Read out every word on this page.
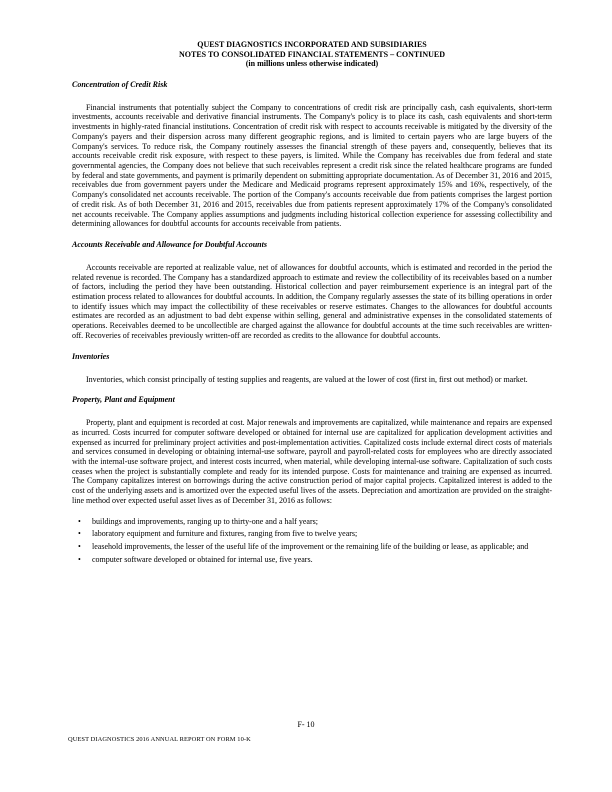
QUEST DIAGNOSTICS INCORPORATED AND SUBSIDIARIES
NOTES TO CONSOLIDATED FINANCIAL STATEMENTS – CONTINUED
(in millions unless otherwise indicated)

Concentration of Credit Risk

Financial instruments that potentially subject the Company to concentrations of credit risk are principally cash, cash equivalents, short-term investments, accounts receivable and derivative financial instruments. The Company's policy is to place its cash, cash equivalents and short-term investments in highly-rated financial institutions. Concentration of credit risk with respect to accounts receivable is mitigated by the diversity of the Company's payers and their dispersion across many different geographic regions, and is limited to certain payers who are large buyers of the Company's services. To reduce risk, the Company routinely assesses the financial strength of these payers and, consequently, believes that its accounts receivable credit risk exposure, with respect to these payers, is limited. While the Company has receivables due from federal and state governmental agencies, the Company does not believe that such receivables represent a credit risk since the related healthcare programs are funded by federal and state governments, and payment is primarily dependent on submitting appropriate documentation. As of December 31, 2016 and 2015, receivables due from government payers under the Medicare and Medicaid programs represent approximately 15% and 16%, respectively, of the Company's consolidated net accounts receivable. The portion of the Company's accounts receivable due from patients comprises the largest portion of credit risk. As of both December 31, 2016 and 2015, receivables due from patients represent approximately 17% of the Company's consolidated net accounts receivable. The Company applies assumptions and judgments including historical collection experience for assessing collectibility and determining allowances for doubtful accounts for accounts receivable from patients.

Accounts Receivable and Allowance for Doubtful Accounts

Accounts receivable are reported at realizable value, net of allowances for doubtful accounts, which is estimated and recorded in the period the related revenue is recorded. The Company has a standardized approach to estimate and review the collectibility of its receivables based on a number of factors, including the period they have been outstanding. Historical collection and payer reimbursement experience is an integral part of the estimation process related to allowances for doubtful accounts. In addition, the Company regularly assesses the state of its billing operations in order to identify issues which may impact the collectibility of these receivables or reserve estimates. Changes to the allowances for doubtful accounts estimates are recorded as an adjustment to bad debt expense within selling, general and administrative expenses in the consolidated statements of operations. Receivables deemed to be uncollectible are charged against the allowance for doubtful accounts at the time such receivables are written-off. Recoveries of receivables previously written-off are recorded as credits to the allowance for doubtful accounts.

Inventories

Inventories, which consist principally of testing supplies and reagents, are valued at the lower of cost (first in, first out method) or market.

Property, Plant and Equipment

Property, plant and equipment is recorded at cost. Major renewals and improvements are capitalized, while maintenance and repairs are expensed as incurred. Costs incurred for computer software developed or obtained for internal use are capitalized for application development activities and expensed as incurred for preliminary project activities and post-implementation activities. Capitalized costs include external direct costs of materials and services consumed in developing or obtaining internal-use software, payroll and payroll-related costs for employees who are directly associated with the internal-use software project, and interest costs incurred, when material, while developing internal-use software. Capitalization of such costs ceases when the project is substantially complete and ready for its intended purpose. Costs for maintenance and training are expensed as incurred. The Company capitalizes interest on borrowings during the active construction period of major capital projects. Capitalized interest is added to the cost of the underlying assets and is amortized over the expected useful lives of the assets. Depreciation and amortization are provided on the straight-line method over expected useful asset lives as of December 31, 2016 as follows:

• buildings and improvements, ranging up to thirty-one and a half years;
• laboratory equipment and furniture and fixtures, ranging from five to twelve years;
• leasehold improvements, the lesser of the useful life of the improvement or the remaining life of the building or lease, as applicable; and
• computer software developed or obtained for internal use, five years.
F- 10
QUEST DIAGNOSTICS 2016 ANNUAL REPORT ON FORM 10-K
